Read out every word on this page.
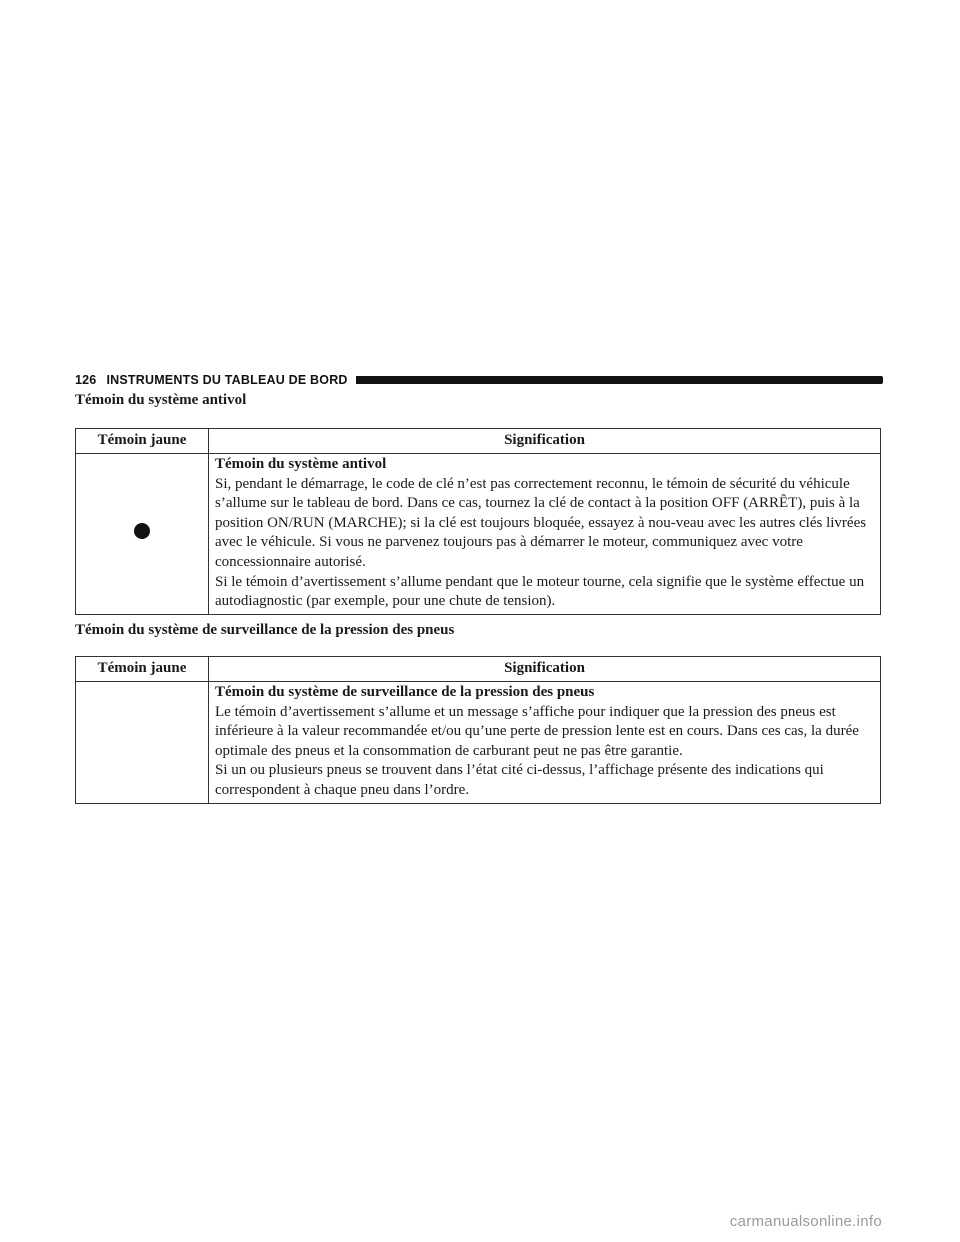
126 INSTRUMENTS DU TABLEAU DE BORD
Témoin du système antivol
Témoin jaune	Signification

	Témoin du système antivol
Si, pendant le démarrage, le code de clé n’est pas correctement reconnu, le témoin de sécurité du véhicule s’allume sur le tableau de bord. Dans ce cas, tournez la clé de contact à la position OFF (ARRÊT), puis à la position ON/RUN (MARCHE); si la clé est toujours bloquée, essayez à nou-veau avec les autres clés livrées avec le véhicule. Si vous ne parvenez toujours pas à démarrer le moteur, communiquez avec votre concessionnaire autorisé.
Si le témoin d’avertissement s’allume pendant que le moteur tourne, cela signifie que le système effectue un autodiagnostic (par exemple, pour une chute de tension).
Témoin du système de surveillance de la pression des pneus
Témoin jaune	Signification

	Témoin du système de surveillance de la pression des pneus
Le témoin d’avertissement s’allume et un message s’affiche pour indiquer que la pression des pneus est inférieure à la valeur recommandée et/ou qu’une perte de pression lente est en cours. Dans ces cas, la durée optimale des pneus et la consommation de carburant peut ne pas être garantie.
Si un ou plusieurs pneus se trouvent dans l’état cité ci-dessus, l’affichage présente des indications qui correspondent à chaque pneu dans l’ordre.
carmanualsonline.info
